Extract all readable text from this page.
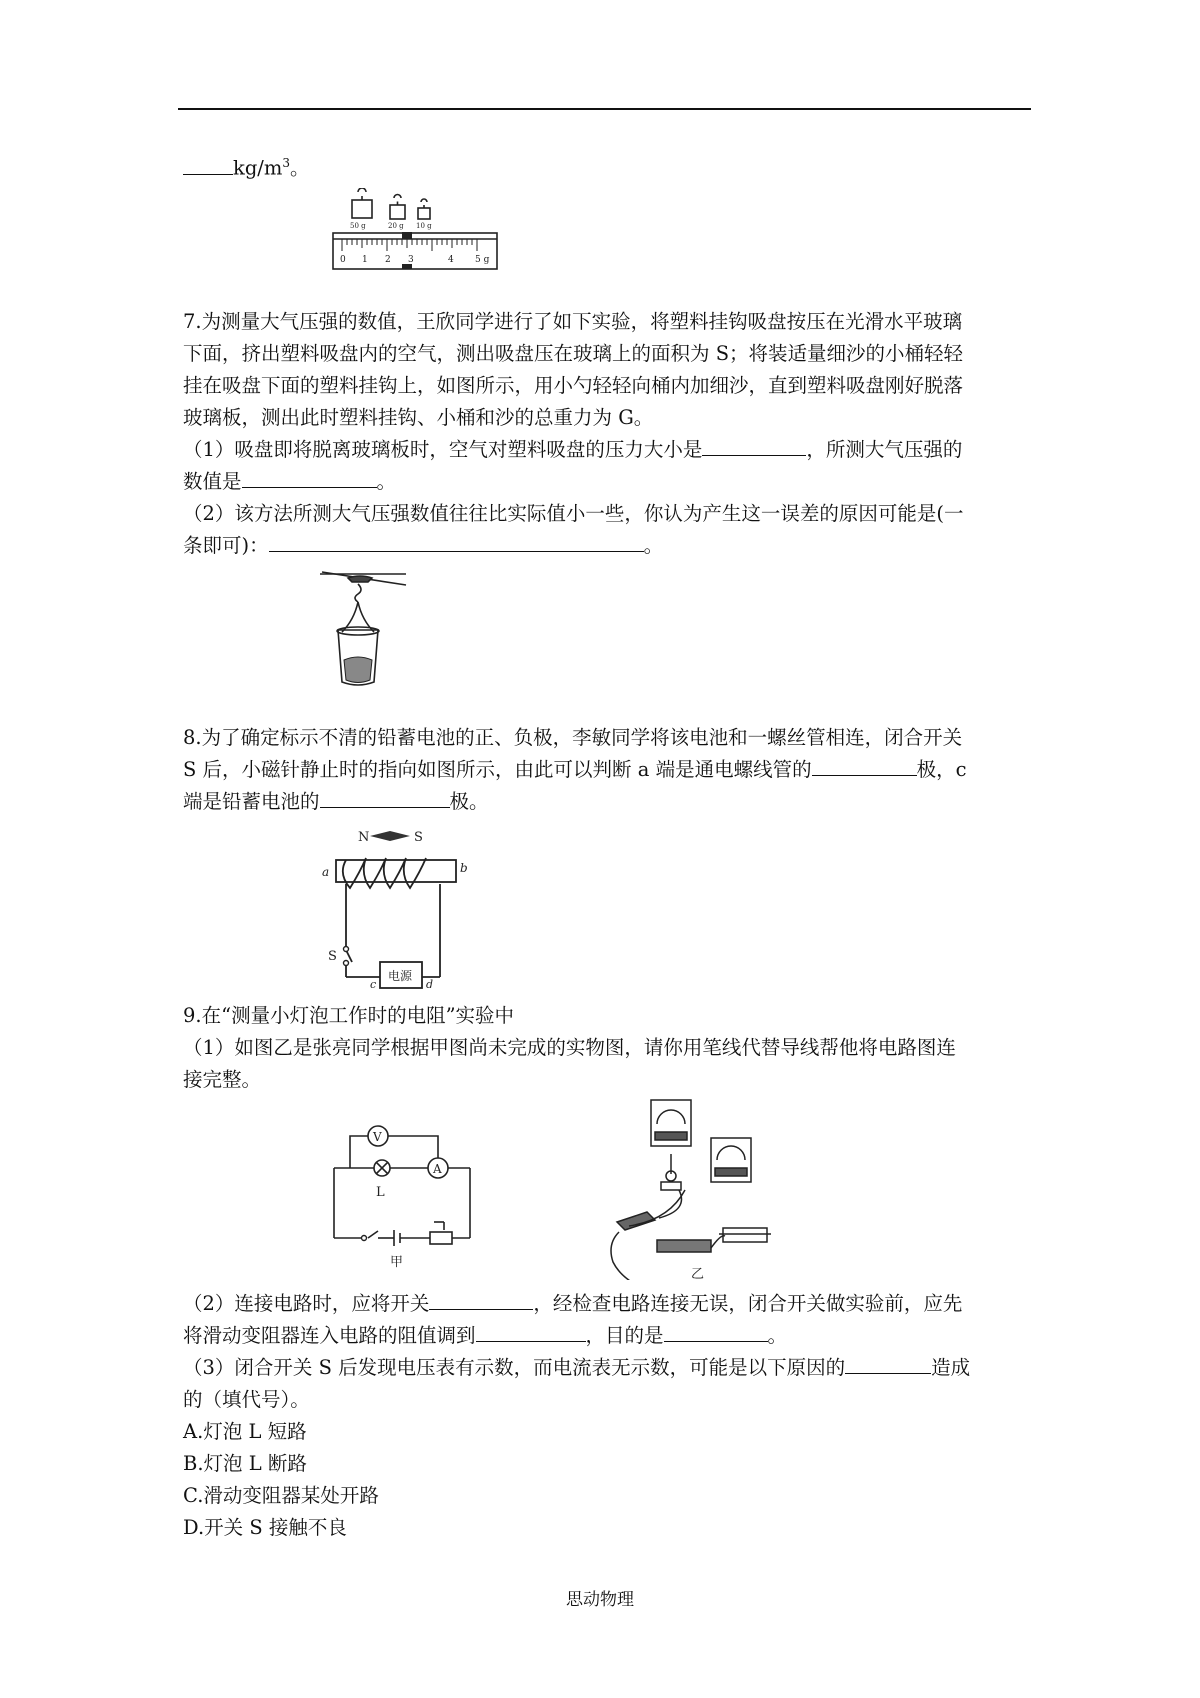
$kg/m^3$。

50 g	20 g 10 g
0 1 2 3	4 5 g

7.为测量大气压强的数值，王欣同学进行了如下实验，将塑料挂钩吸盘按压在光滑水平玻璃

下面，挤出塑料吸盘内的空气，测出吸盘压在玻璃上的面积为 S；将装适量细沙的小桶轻轻

挂在吸盘下面的塑料挂钩上，如图所示，用小勺轻轻向桶内加细沙，直到塑料吸盘刚好脱落

玻璃板，测出此时塑料挂钩、小桶和沙的总重力为 G。

（1）吸盘即将脱离玻璃板时，空气对塑料吸盘的压力大小是	，所测大气压强的

数值是	。

（2）该方法所测大气压强数值往往比实际值小一些，你认为产生这一误差的原因可能是(一

条即可)：	。

8.为了确定标示不清的铅蓄电池的正、负极，李敏同学将该电池和一螺丝管相连，闭合开关

S 后，小磁针静止时的指向如图所示，由此可以判断 a 端是通电螺线管的	极，c

端是铅蓄电池的	极。

N	S
a	b
S
c	d
电源

9.在“测量小灯泡工作时的电阻”实验中

（1）如图乙是张亮同学根据甲图尚未完成的实物图，请你用笔线代替导线帮他将电路图连

接完整。

V
A
L
甲
乙

（2）连接电路时，应将开关	，经检查电路连接无误，闭合开关做实验前，应先

将滑动变阻器连入电路的阻值调到	，目的是	。

（3）闭合开关 S 后发现电压表有示数，而电流表无示数，可能是以下原因的	造成

的（填代号）。

A.灯泡 L 短路

B.灯泡 L 断路

C.滑动变阻器某处开路

D.开关 S 接触不良

思动物理
